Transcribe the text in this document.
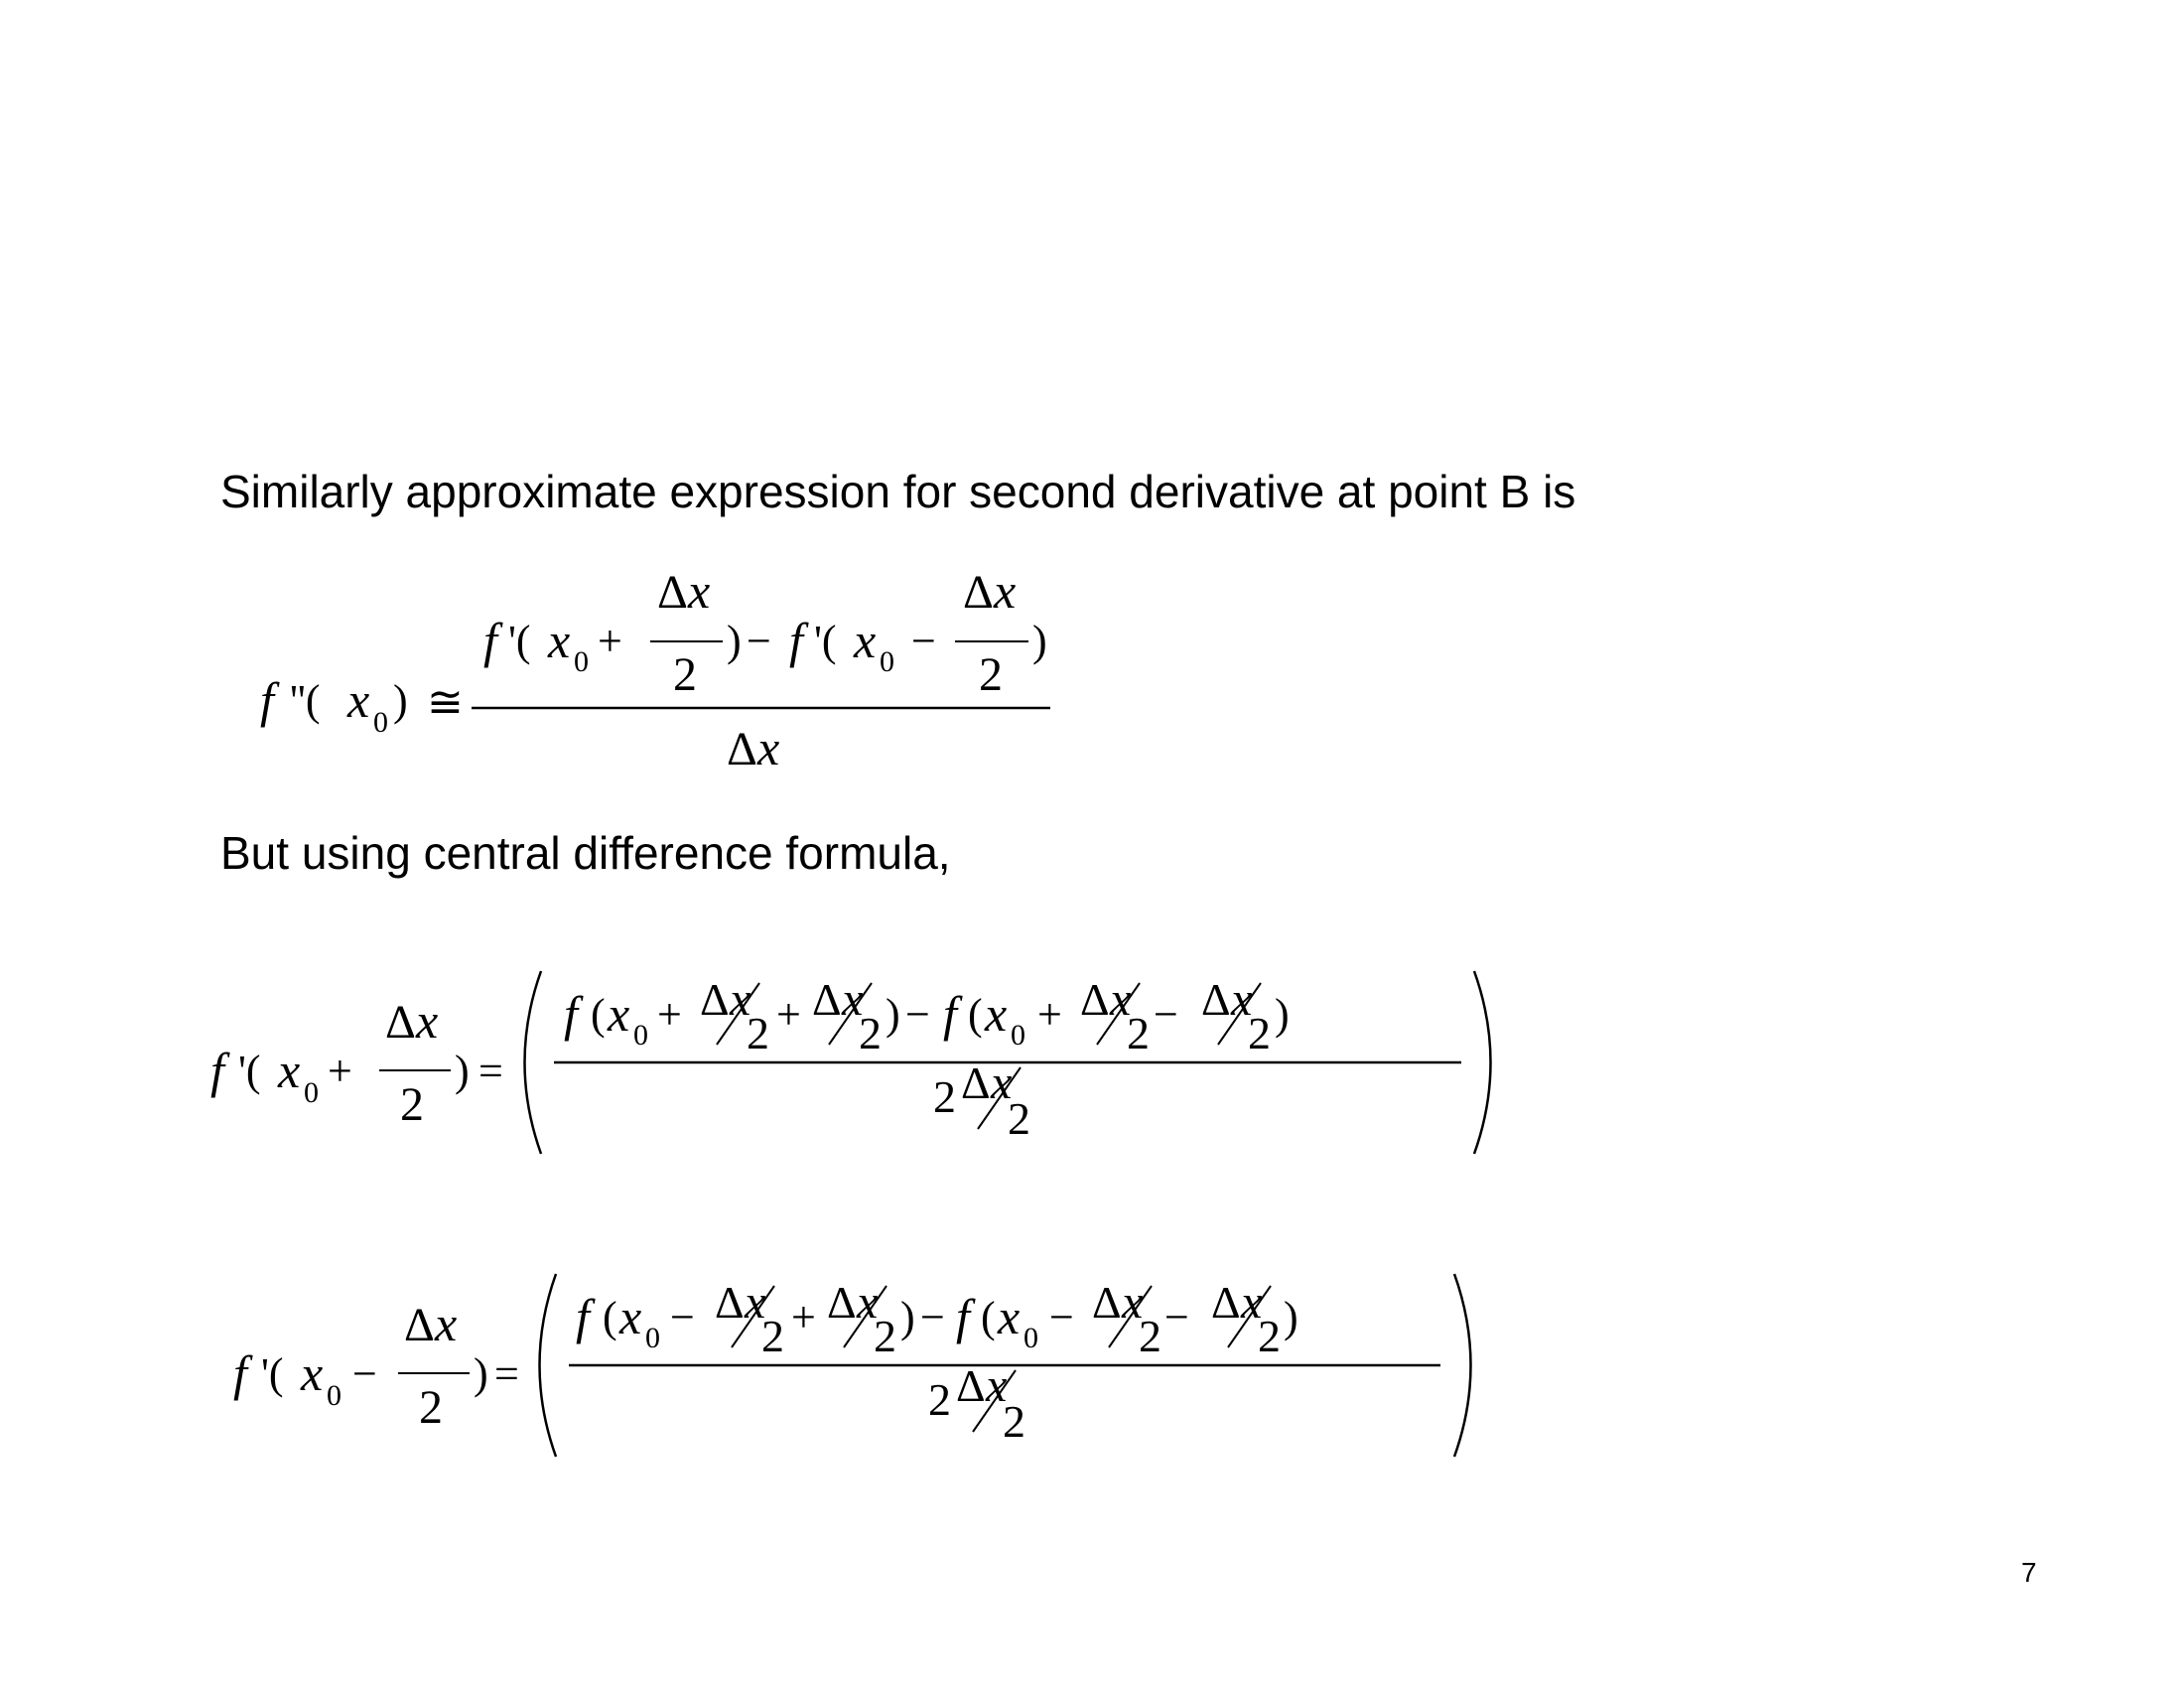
Similarly approximate expression for second derivative at point B is
f ''( x 0 ) ≅
f '( x 0 +
Δ x
2
) − f '( x 0 −
Δ x
2
)
Δ x
But using central difference formula,
f '( x 0 +
Δ x
2
) =
f ( x 0 + Δ x
2 + Δ x
2 ) − f ( x 0 + Δ x
2 − Δ x
2 )
2 Δ x
2
f '( x 0 −
Δ x
2
) =
f ( x 0 − Δ x
2 + Δ x
2 ) − f ( x 0 − Δ x
2 − Δ x
2 )
2 Δ x
2
7
